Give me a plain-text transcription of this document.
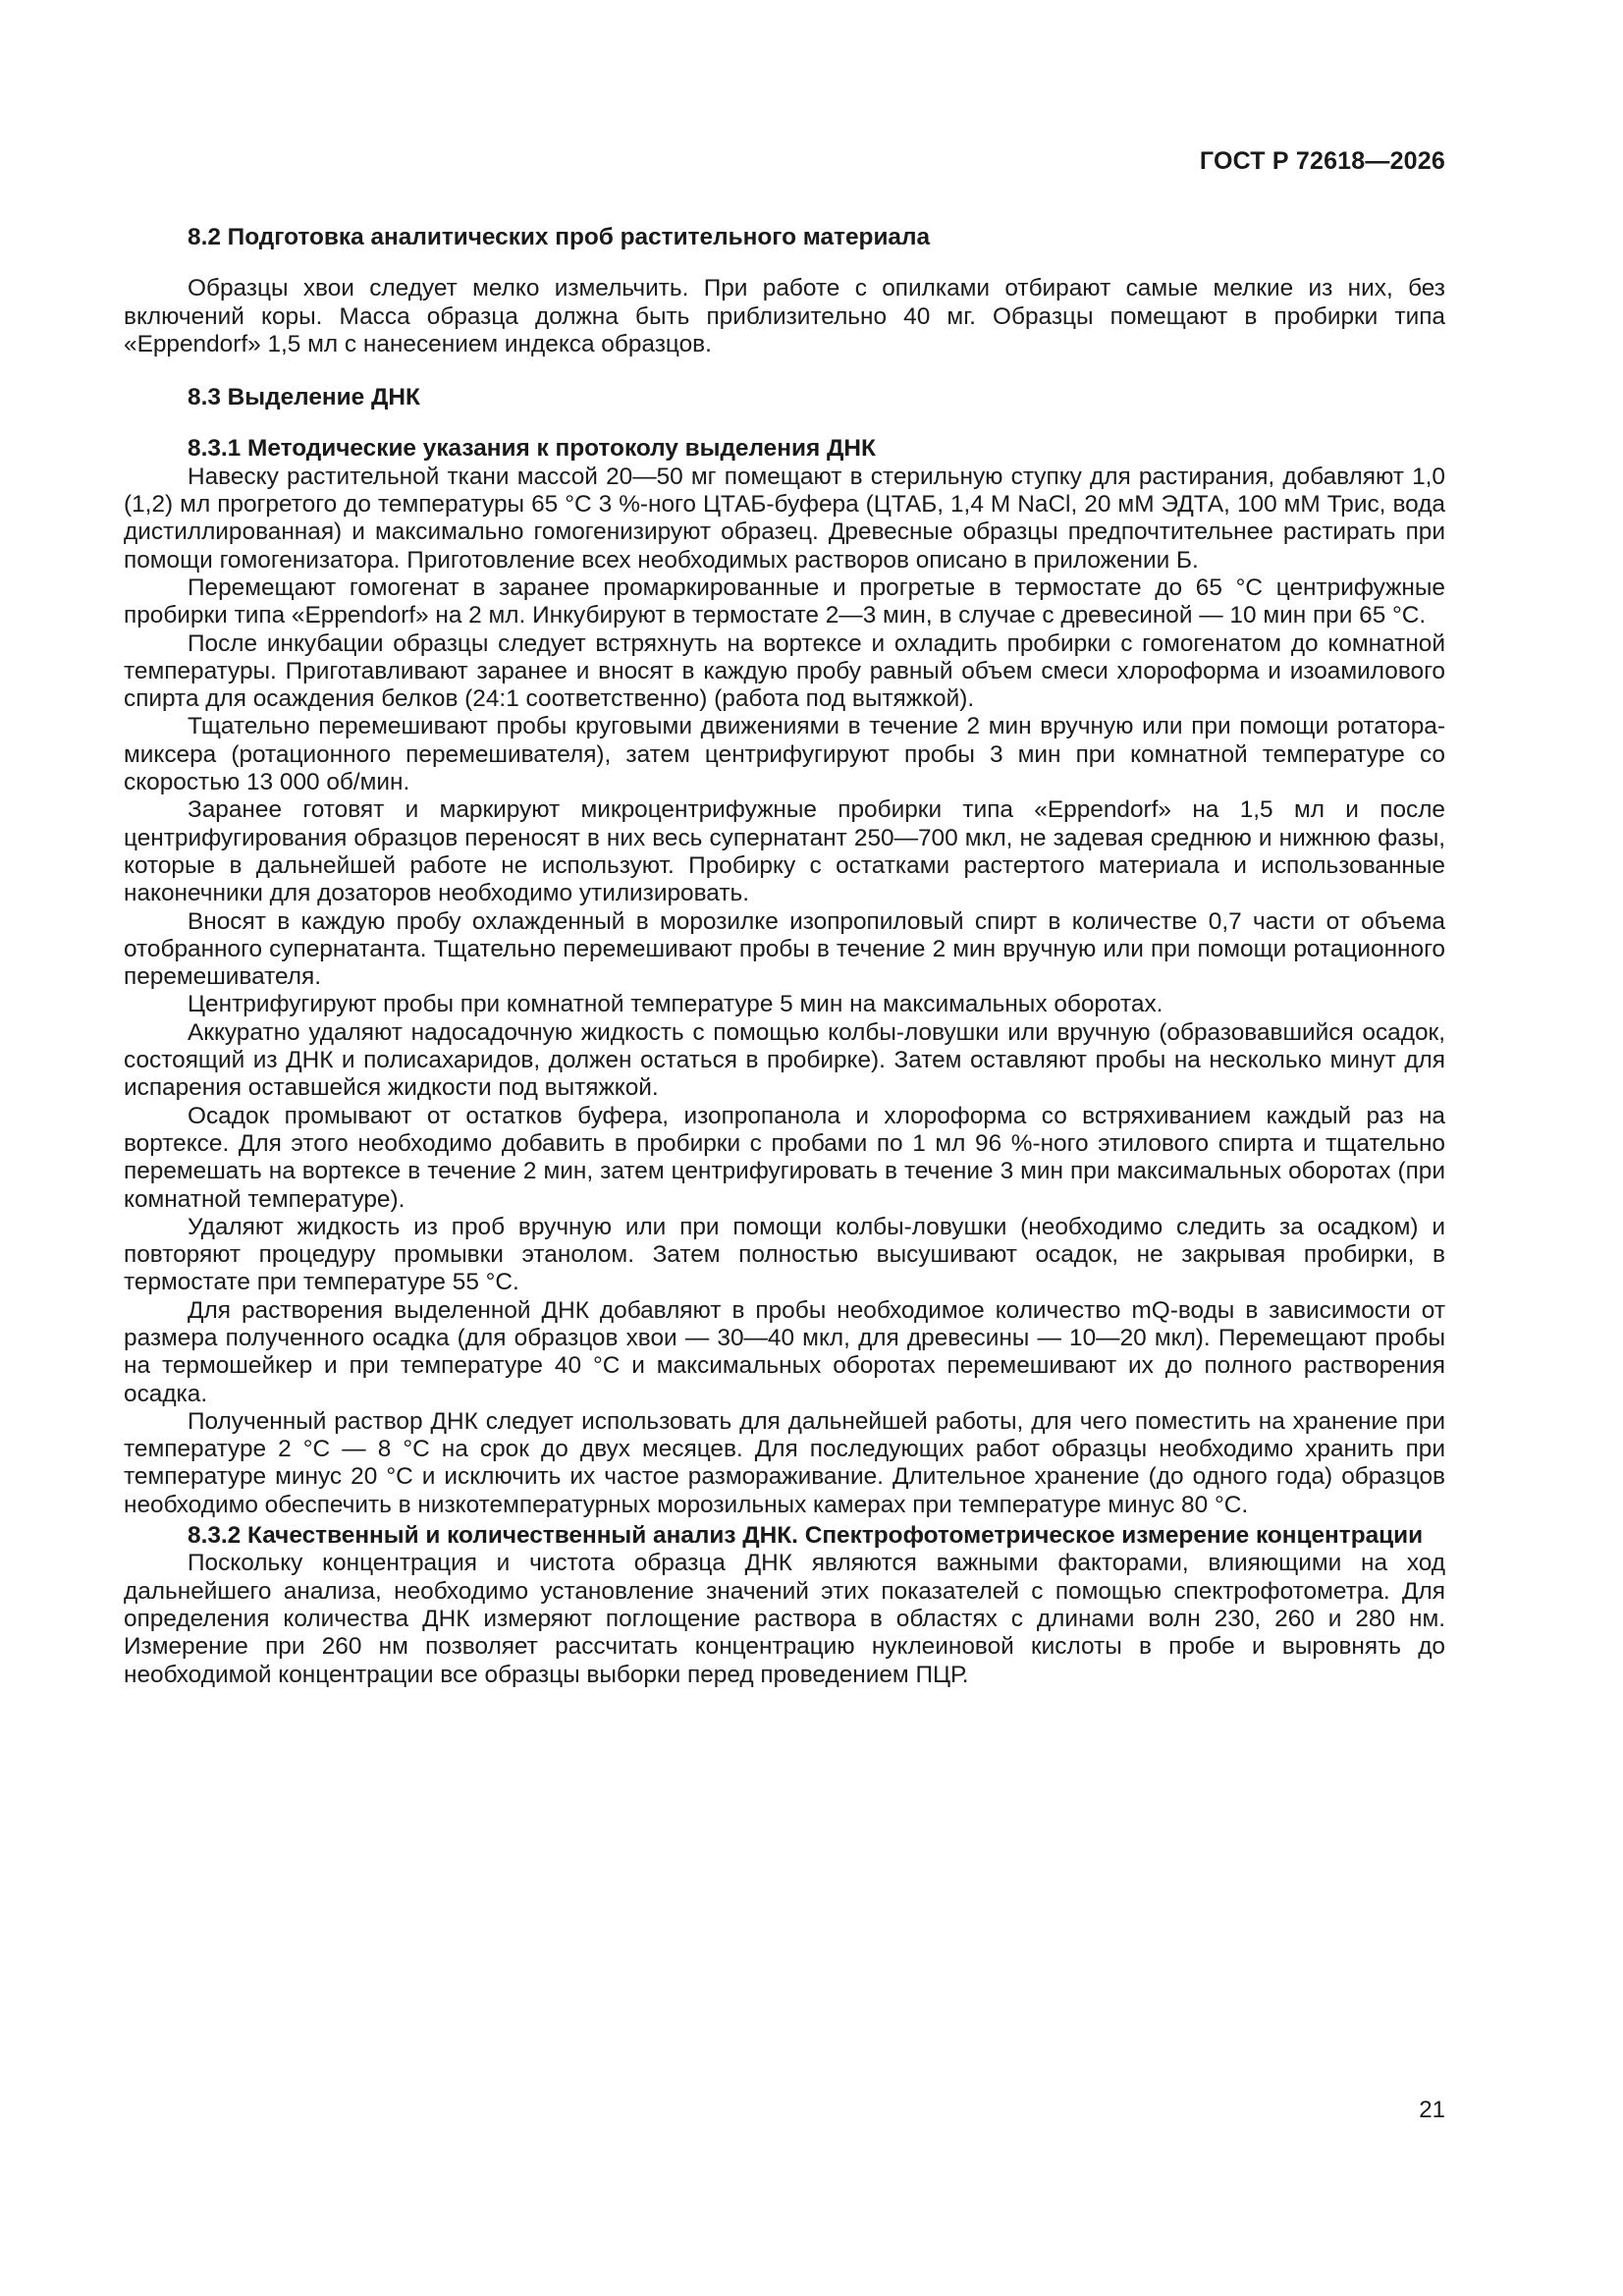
ГОСТ Р 72618—2026

8.2 Подготовка аналитических проб растительного материала

Образцы хвои следует мелко измельчить. При работе с опилками отбирают самые мелкие из них, без включений коры. Масса образца должна быть приблизительно 40 мг. Образцы помещают в пробирки типа «Eppendorf» 1,5 мл с нанесением индекса образцов.

8.3 Выделение ДНК

8.3.1 Методические указания к протоколу выделения ДНК

Навеску растительной ткани массой 20—50 мг помещают в стерильную ступку для растирания, добавляют 1,0 (1,2) мл прогретого до температуры 65 °С 3 %-ного ЦТАБ-буфера (ЦТАБ, 1,4 М NaCl, 20 мМ ЭДТА, 100 мМ Трис, вода дистиллированная) и максимально гомогенизируют образец. Древесные образцы предпочтительнее растирать при помощи гомогенизатора. Приготовление всех необходимых растворов описано в приложении Б.

Перемещают гомогенат в заранее промаркированные и прогретые в термостате до 65 °С центрифужные пробирки типа «Eppendorf» на 2 мл. Инкубируют в термостате 2—3 мин, в случае с древесиной — 10 мин при 65 °С.

После инкубации образцы следует встряхнуть на вортексе и охладить пробирки с гомогенатом до комнатной температуры. Приготавливают заранее и вносят в каждую пробу равный объем смеси хлороформа и изоамилового спирта для осаждения белков (24:1 соответственно) (работа под вытяжкой).

Тщательно перемешивают пробы круговыми движениями в течение 2 мин вручную или при помощи ротатора-миксера (ротационного перемешивателя), затем центрифугируют пробы 3 мин при комнатной температуре со скоростью 13 000 об/мин.

Заранее готовят и маркируют микроцентрифужные пробирки типа «Eppendorf» на 1,5 мл и после центрифугирования образцов переносят в них весь супернатант 250—700 мкл, не задевая среднюю и нижнюю фазы, которые в дальнейшей работе не используют. Пробирку с остатками растертого материала и использованные наконечники для дозаторов необходимо утилизировать.

Вносят в каждую пробу охлажденный в морозилке изопропиловый спирт в количестве 0,7 части от объема отобранного супернатанта. Тщательно перемешивают пробы в течение 2 мин вручную или при помощи ротационного перемешивателя.

Центрифугируют пробы при комнатной температуре 5 мин на максимальных оборотах.

Аккуратно удаляют надосадочную жидкость с помощью колбы-ловушки или вручную (образовавшийся осадок, состоящий из ДНК и полисахаридов, должен остаться в пробирке). Затем оставляют пробы на несколько минут для испарения оставшейся жидкости под вытяжкой.

Осадок промывают от остатков буфера, изопропанола и хлороформа со встряхиванием каждый раз на вортексе. Для этого необходимо добавить в пробирки с пробами по 1 мл 96 %-ного этилового спирта и тщательно перемешать на вортексе в течение 2 мин, затем центрифугировать в течение 3 мин при максимальных оборотах (при комнатной температуре).

Удаляют жидкость из проб вручную или при помощи колбы-ловушки (необходимо следить за осадком) и повторяют процедуру промывки этанолом. Затем полностью высушивают осадок, не закрывая пробирки, в термостате при температуре 55 °С.

Для растворения выделенной ДНК добавляют в пробы необходимое количество mQ-воды в зависимости от размера полученного осадка (для образцов хвои — 30—40 мкл, для древесины — 10—20 мкл). Перемещают пробы на термошейкер и при температуре 40 °С и максимальных оборотах перемешивают их до полного растворения осадка.

Полученный раствор ДНК следует использовать для дальнейшей работы, для чего поместить на хранение при температуре 2 °С — 8 °С на срок до двух месяцев. Для последующих работ образцы необходимо хранить при температуре минус 20 °С и исключить их частое размораживание. Длительное хранение (до одного года) образцов необходимо обеспечить в низкотемпературных морозильных камерах при температуре минус 80 °С.

8.3.2 Качественный и количественный анализ ДНК. Спектрофотометрическое измерение концентрации

Поскольку концентрация и чистота образца ДНК являются важными факторами, влияющими на ход дальнейшего анализа, необходимо установление значений этих показателей с помощью спектрофотометра. Для определения количества ДНК измеряют поглощение раствора в областях с длинами волн 230, 260 и 280 нм. Измерение при 260 нм позволяет рассчитать концентрацию нуклеиновой кислоты в пробе и выровнять до необходимой концентрации все образцы выборки перед проведением ПЦР.

21
